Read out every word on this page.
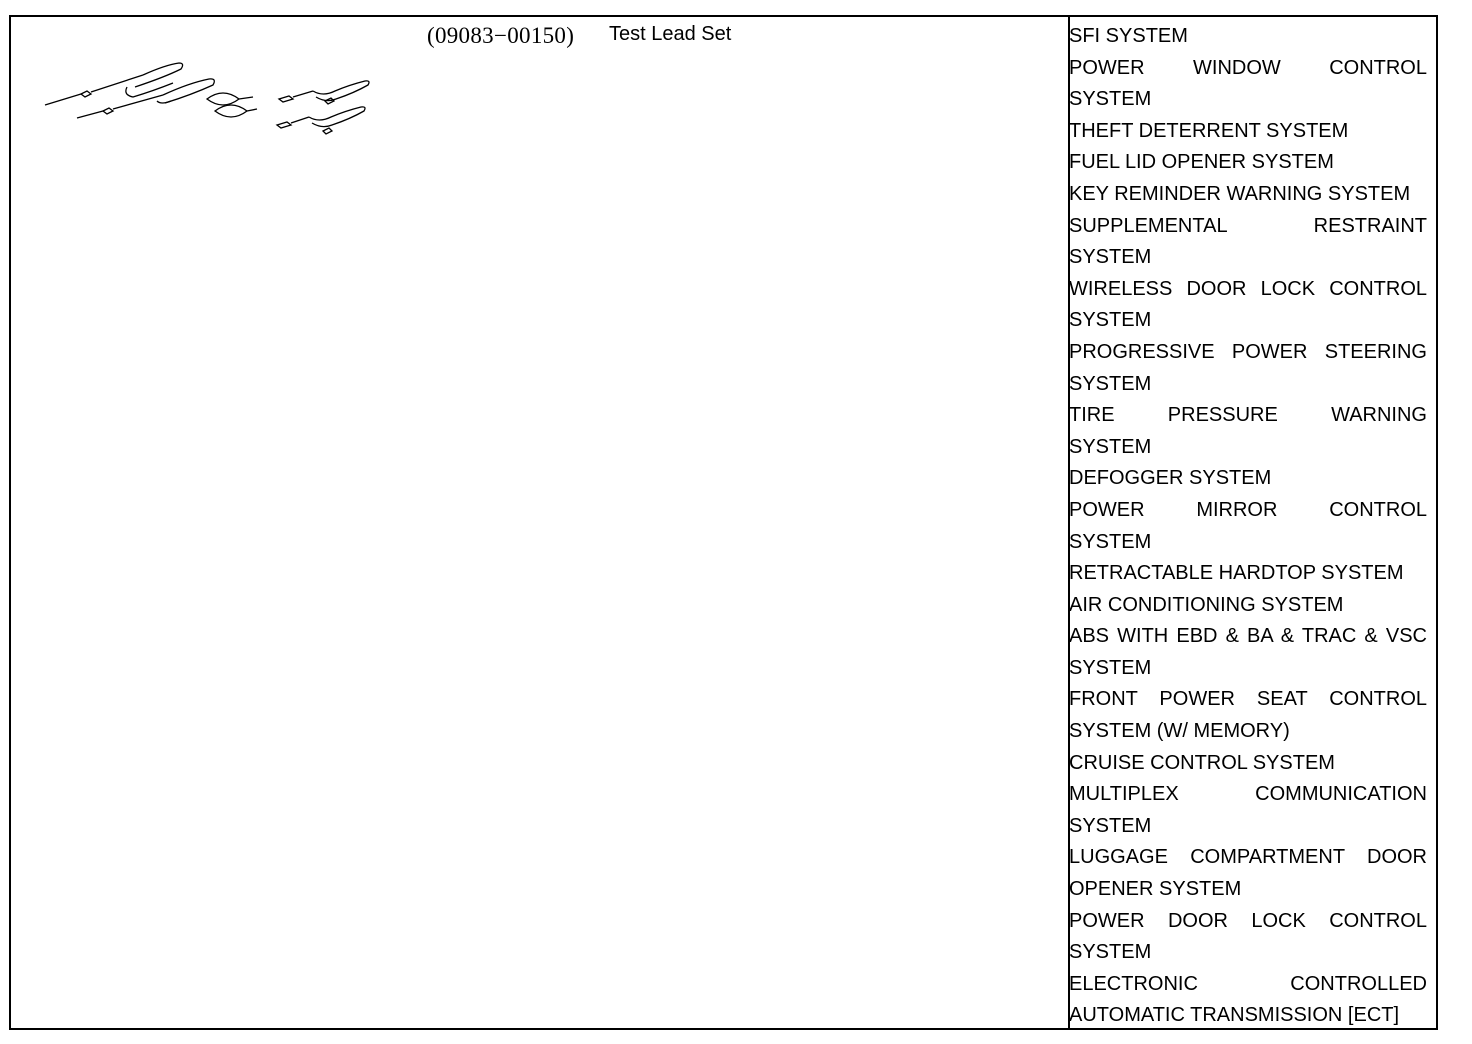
(09083−00150) Test Lead Set	SFI SYSTEM
POWER WINDOW CONTROL
SYSTEM
THEFT DETERRENT SYSTEM
FUEL LID OPENER SYSTEM
KEY REMINDER WARNING SYSTEM
SUPPLEMENTAL RESTRAINT
SYSTEM
WIRELESS DOOR LOCK CONTROL
SYSTEM
PROGRESSIVE POWER STEERING
SYSTEM
TIRE PRESSURE WARNING
SYSTEM
DEFOGGER SYSTEM
POWER MIRROR CONTROL
SYSTEM
RETRACTABLE HARDTOP SYSTEM
AIR CONDITIONING SYSTEM
ABS WITH EBD & BA & TRAC & VSC
SYSTEM
FRONT POWER SEAT CONTROL
SYSTEM (W/ MEMORY)
CRUISE CONTROL SYSTEM
MULTIPLEX COMMUNICATION
SYSTEM
LUGGAGE COMPARTMENT DOOR
OPENER SYSTEM
POWER DOOR LOCK CONTROL
SYSTEM
ELECTRONIC CONTROLLED
AUTOMATIC TRANSMISSION [ECT]
